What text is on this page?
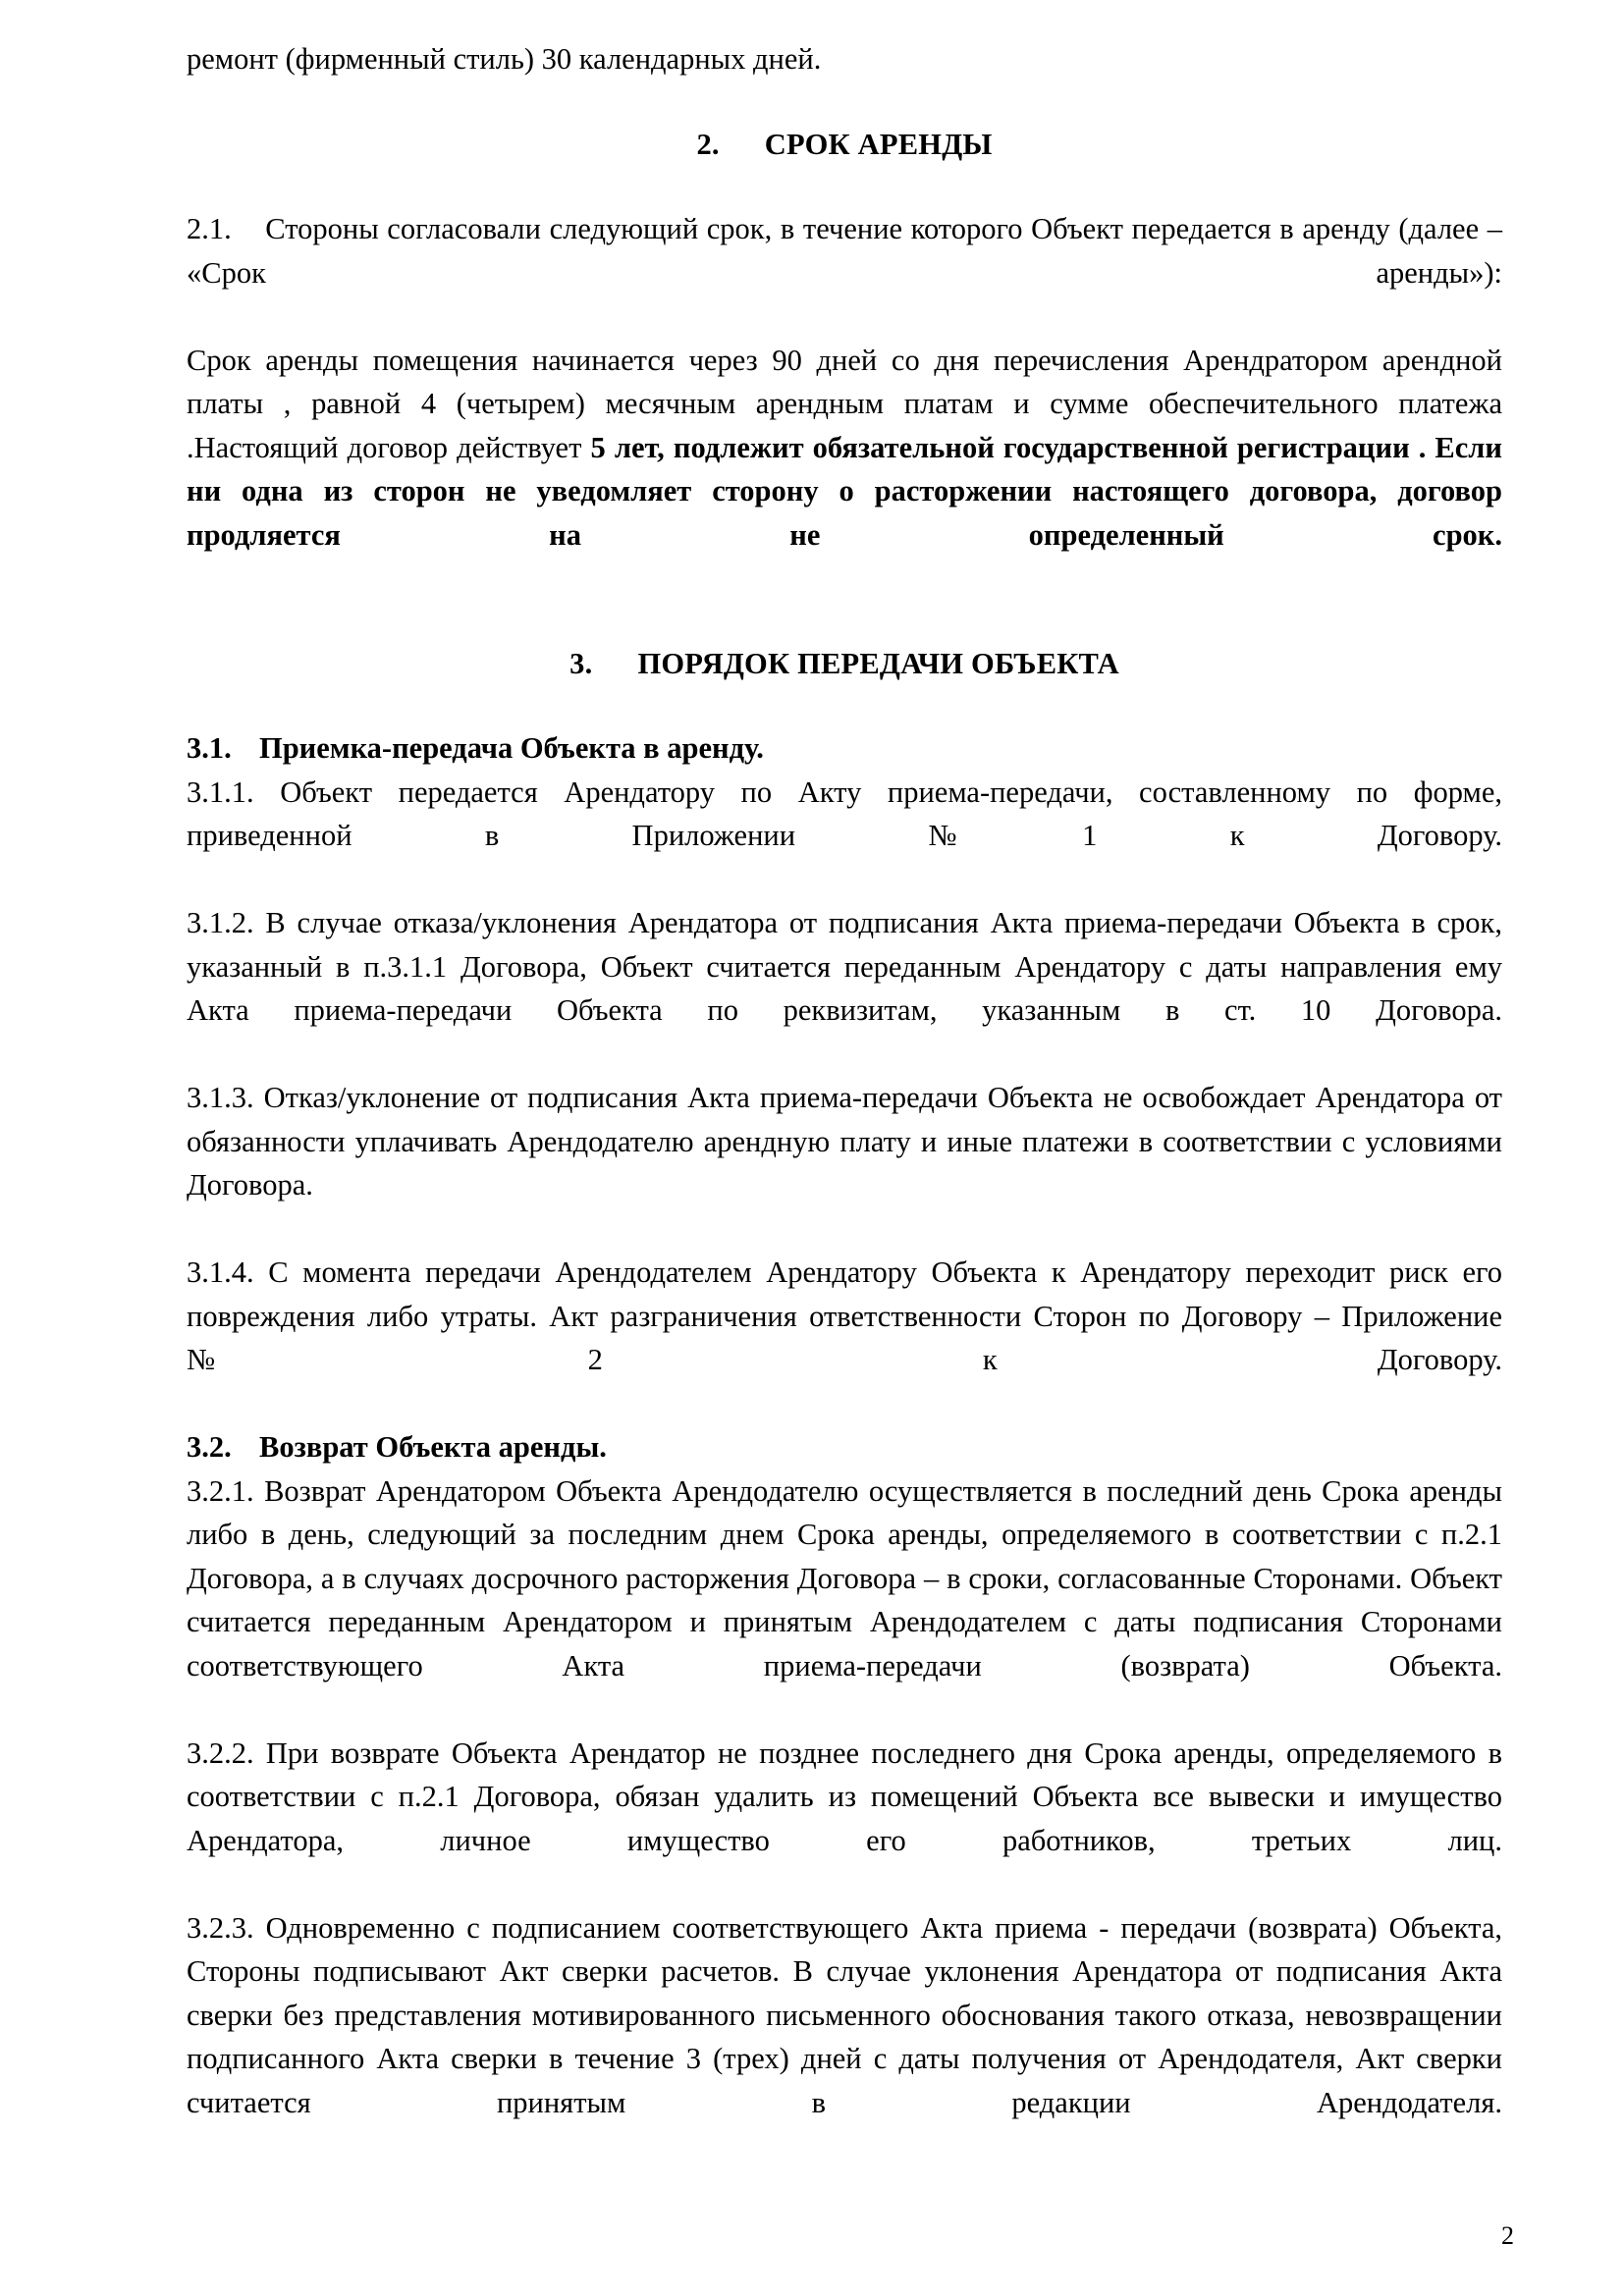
ремонт (фирменный стиль) 30 календарных дней.

2. СРОК АРЕНДЫ

2.1. Стороны согласовали следующий срок, в течение которого Объект передается в аренду (далее – «Срок аренды»):

Срок аренды помещения начинается через 90 дней со дня перечисления Арендратором арендной платы , равной 4 (четырем) месячным арендным платам и сумме обеспечительного платежа .Настоящий договор действует 5 лет, подлежит обязательной государственной регистрации . Если ни одна из сторон не уведомляет сторону о расторжении настоящего договора, договор продляется на не определенный срок.

3. ПОРЯДОК ПЕРЕДАЧИ ОБЪЕКТА

3.1. Приемка-передача Объекта в аренду.

3.1.1. Объект передается Арендатору по Акту приема-передачи, составленному по форме, приведенной в Приложении №1 к Договору.

3.1.2. В случае отказа/уклонения Арендатора от подписания Акта приема-передачи Объекта в срок, указанный в п.3.1.1 Договора, Объект считается переданным Арендатору с даты направления ему Акта приема-передачи Объекта по реквизитам, указанным в ст. 10 Договора.

3.1.3. Отказ/уклонение от подписания Акта приема-передачи Объекта не освобождает Арендатора от обязанности уплачивать Арендодателю арендную плату и иные платежи в соответствии с условиями Договора.

3.1.4. С момента передачи Арендодателем Арендатору Объекта к Арендатору переходит риск его повреждения либо утраты. Акт разграничения ответственности Сторон по Договору – Приложение №2 к Договору.

3.2. Возврат Объекта аренды.

3.2.1. Возврат Арендатором Объекта Арендодателю осуществляется в последний день Срока аренды либо в день, следующий за последним днем Срока аренды, определяемого в соответствии с п.2.1 Договора, а в случаях досрочного расторжения Договора – в сроки, согласованные Сторонами. Объект считается переданным Арендатором и принятым Арендодателем с даты подписания Сторонами соответствующего Акта приема-передачи (возврата) Объекта.

3.2.2. При возврате Объекта Арендатор не позднее последнего дня Срока аренды, определяемого в соответствии с п.2.1 Договора, обязан удалить из помещений Объекта все вывески и имущество Арендатора, личное имущество его работников, третьих лиц.

3.2.3. Одновременно с подписанием соответствующего Акта приема - передачи (возврата) Объекта, Стороны подписывают Акт сверки расчетов. В случае уклонения Арендатора от подписания Акта сверки без представления мотивированного письменного обоснования такого отказа, невозвращении подписанного Акта сверки в течение 3 (трех) дней с даты получения от Арендодателя, Акт сверки считается принятым в редакции Арендодателя.

2
